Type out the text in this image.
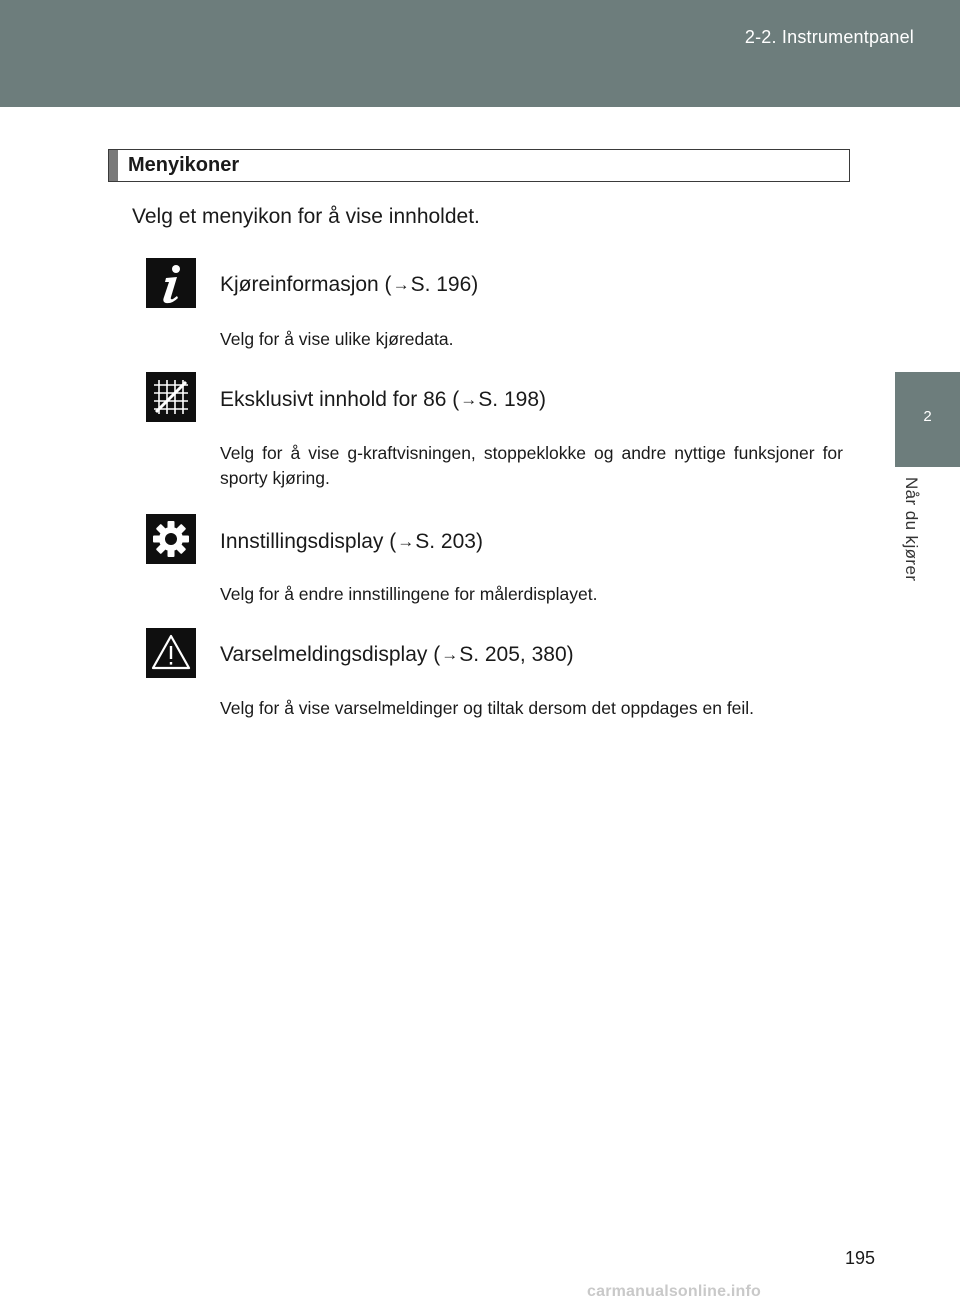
2-2. Instrumentpanel
2
Når du kjører
Menyikoner
Velg et menyikon for å vise innholdet.
Kjøreinformasjon (→S. 196)
Velg for å vise ulike kjøredata.
Eksklusivt innhold for 86 (→S. 198)
Velg for å vise g-kraftvisningen, stoppeklokke og andre nyttige funksjoner for sporty kjøring.
Innstillingsdisplay (→S. 203)
Velg for å endre innstillingene for målerdisplayet.
Varselmeldingsdisplay (→S. 205, 380)
Velg for å vise varselmeldinger og tiltak dersom det oppdages en feil.
195
carmanualsonline.info
